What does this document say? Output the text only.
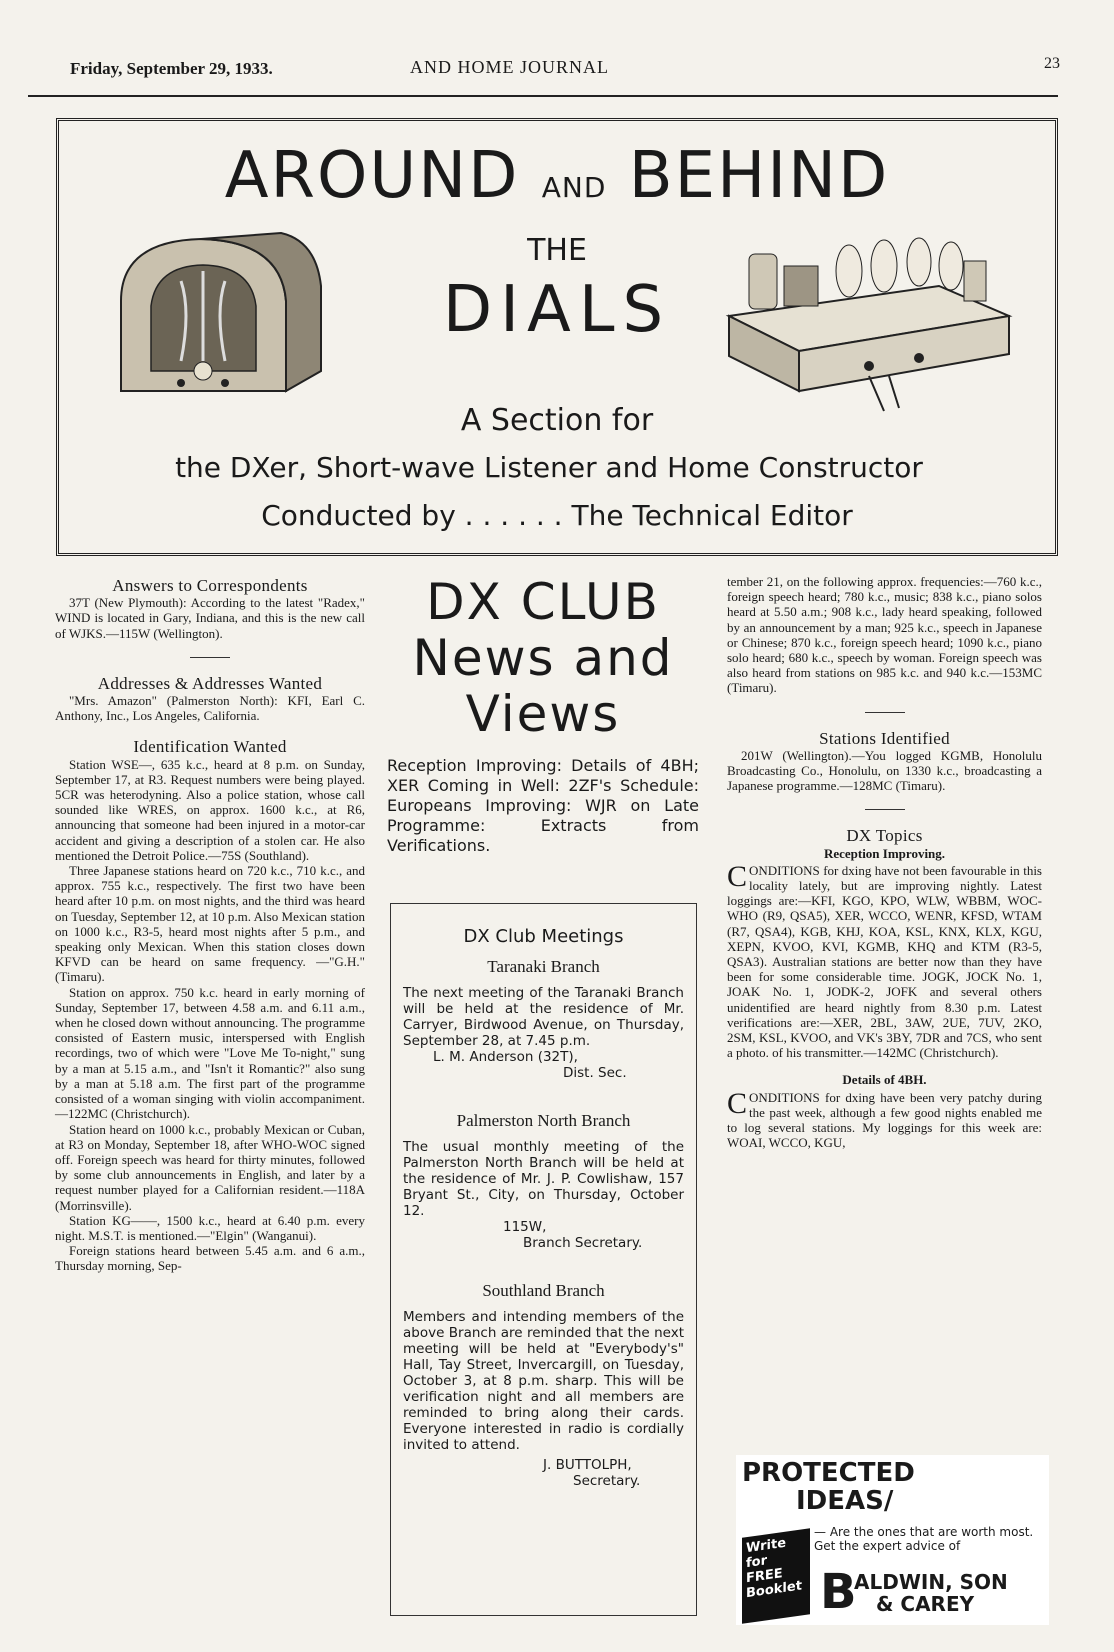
Friday, September 29, 1933.	AND HOME JOURNAL	23
AROUND AND BEHIND
THE
DIALS
A Section for
the DXer, Short-wave Listener and Home Constructor
Conducted by . . . . . . The Technical Editor
Answers to Correspondents

37T (New Plymouth): According to the latest "Radex," WIND is located in Gary, Indiana, and this is the new call of WJKS.—115W (Wellington).

Addresses & Addresses Wanted

"Mrs. Amazon" (Palmerston North): KFI, Earl C. Anthony, Inc., Los Angeles, California.

Identification Wanted

Station WSE—, 635 k.c., heard at 8 p.m. on Sunday, September 17, at R3. Request numbers were being played. 5CR was heterodyning. Also a police station, whose call sounded like WRES, on approx. 1600 k.c., at R6, announcing that someone had been injured in a motor-car accident and giving a description of a stolen car. He also mentioned the Detroit Police.—75S (Southland).

Three Japanese stations heard on 720 k.c., 710 k.c., and approx. 755 k.c., respectively. The first two have been heard after 10 p.m. on most nights, and the third was heard on Tuesday, September 12, at 10 p.m. Also Mexican station on 1000 k.c., R3-5, heard most nights after 5 p.m., and speaking only Mexican. When this station closes down KFVD can be heard on same frequency. —"G.H." (Timaru).

Station on approx. 750 k.c. heard in early morning of Sunday, September 17, between 4.58 a.m. and 6.11 a.m., when he closed down without announcing. The programme consisted of Eastern music, interspersed with English recordings, two of which were "Love Me To-night," sung by a man at 5.15 a.m., and "Isn't it Romantic?" also sung by a man at 5.18 a.m. The first part of the programme consisted of a woman singing with violin accompaniment.—122MC (Christchurch).

Station heard on 1000 k.c., probably Mexican or Cuban, at R3 on Monday, September 18, after WHO-WOC signed off. Foreign speech was heard for thirty minutes, followed by some club announcements in English, and later by a request number played for a Californian resident.—118A (Morrinsville).

Station KG——, 1500 k.c., heard at 6.40 p.m. every night. M.S.T. is mentioned.—"Elgin" (Wanganui).

Foreign stations heard between 5.45 a.m. and 6 a.m., Thursday morning, Sep-

DX CLUB
News and
Views
Reception Improving: Details of 4BH; XER Coming in Well: 2ZF's Schedule: Europeans Improving: WJR on Late Programme: Extracts from Verifications.
DX Club Meetings
Taranaki Branch
The next meeting of the Taranaki Branch will be held at the residence of Mr. Carryer, Birdwood Avenue, on Thursday, September 28, at 7.45 p.m.
L. M. Anderson (32T),
Dist. Sec.
Palmerston North Branch
The usual monthly meeting of the Palmerston North Branch will be held at the residence of Mr. J. P. Cowlishaw, 157 Bryant St., City, on Thursday, October 12.
115W,
Branch Secretary.
Southland Branch
Members and intending members of the above Branch are reminded that the next meeting will be held at "Everybody's" Hall, Tay Street, Invercargill, on Tuesday, October 3, at 8 p.m. sharp. This will be verification night and all members are reminded to bring along their cards. Everyone interested in radio is cordially invited to attend.
J. BUTTOLPH,
Secretary.

tember 21, on the following approx. frequencies:—760 k.c., foreign speech heard; 780 k.c., music; 838 k.c., piano solos heard at 5.50 a.m.; 908 k.c., lady heard speaking, followed by an announcement by a man; 925 k.c., speech in Japanese or Chinese; 870 k.c., foreign speech heard; 1090 k.c., piano solo heard; 680 k.c., speech by woman. Foreign speech was also heard from stations on 985 k.c. and 940 k.c.—153MC (Timaru).

Stations Identified

201W (Wellington).—You logged KGMB, Honolulu Broadcasting Co., Honolulu, on 1330 k.c., broadcasting a Japanese programme.—128MC (Timaru).

DX Topics
Reception Improving.

CONDITIONS for dxing have not been favourable in this locality lately, but are improving nightly. Latest loggings are:—KFI, KGO, KPO, WLW, WBBM, WOC-WHO (R9, QSA5), XER, WCCO, WENR, KFSD, WTAM (R7, QSA4), KGB, KHJ, KOA, KSL, KNX, KLX, KGU, XEPN, KVOO, KVI, KGMB, KHQ and KTM (R3-5, QSA3). Australian stations are better now than they have been for some considerable time. JOGK, JOCK No. 1, JOAK No. 1, JODK-2, JOFK and several others unidentified are heard nightly from 8.30 p.m. Latest verifications are:—XER, 2BL, 3AW, 2UE, 7UV, 2KO, 2SM, KSL, KVOO, and VK's 3BY, 7DR and 7CS, who sent a photo. of his transmitter.—142MC (Christchurch).

Details of 4BH.

CONDITIONS for dxing have been very patchy during the past week, although a few good nights enabled me to log several stations. My loggings for this week are: WOAI, WCCO, KGU,

PROTECTED
IDEAS/
— Are the ones that are worth most. Get the expert advice of
Write for FREE Booklet B
ALDWIN, SON
& CAREY
